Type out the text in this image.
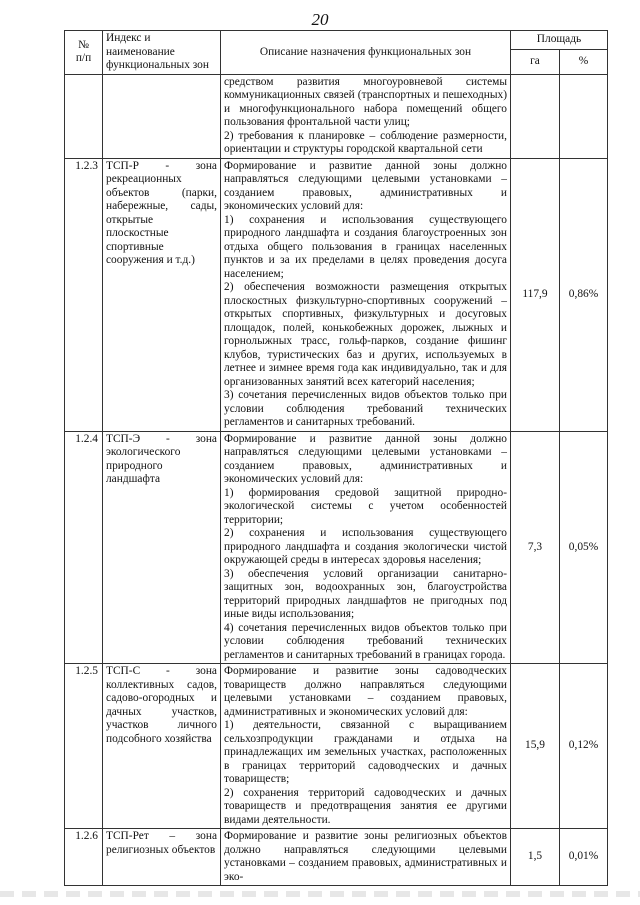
20
№
п/п	Индекс и наименование функциональных зон	Описание назначения функциональных зон	Площадь	
			га	%

		средством развития многоуровневой системы коммуникационных связей (транспортных и пешеходных) и многофункционального набора помещений общего пользования фронтальной части улиц;

2) требования к планировке – соблюдение размерности, ориентации и структуры городской квартальной сети		

1.2.3	ТСП-Р - зона рекреационных объектов (парки, набережные, сады, открытые плоскостные спортивные сооружения и т.д.)	Формирование и развитие данной зоны должно направляться следующими целевыми установками – созданием правовых, административных и экономических условий для:

1) сохранения и использования существующего природного ландшафта и создания благоустроенных зон отдыха общего пользования в границах населенных пунктов и за их пределами в целях проведения досуга населением;

2) обеспечения возможности размещения открытых плоскостных физкультурно-спортивных сооружений – открытых спортивных, физкультурных и досуговых площадок, полей, конькобежных дорожек, лыжных и горнолыжных трасс, гольф-парков, создание фишинг клубов, туристических баз и других, используемых в летнее и зимнее время года как индивидуально, так и для организованных занятий всех категорий населения;

3) сочетания перечисленных видов объектов только при условии соблюдения требований технических регламентов и санитарных требований.	117,9	0,86%
1.2.4	ТСП-Э - зона экологического природного ландшафта	Формирование и развитие данной зоны должно направляться следующими целевыми установками – созданием правовых, административных и экономических условий для:

1) формирования средовой защитной природно-экологической системы с учетом особенностей территории;

2) сохранения и использования существующего природного ландшафта и создания экологически чистой окружающей среды в интересах здоровья населения;

3) обеспечения условий организации санитарно-защитных зон, водоохранных зон, благоустройства территорий природных ландшафтов не пригодных под иные виды использования;

4) сочетания перечисленных видов объектов только при условии соблюдения требований технических регламентов и санитарных требований в границах города.	7,3	0,05%
1.2.5	ТСП-С - зона коллективных садов, садово-огородных и дачных участков, участков личного подсобного хозяйства	Формирование и развитие зоны садоводческих товариществ должно направляться следующими целевыми установками – созданием правовых, административных и экономических условий для:

1) деятельности, связанной с выращиванием сельхозпродукции гражданами и отдыха на принадлежащих им земельных участках, расположенных в границах территорий садоводческих и дачных товариществ;

2) сохранения территорий садоводческих и дачных товариществ и предотвращения занятия ее другими видами деятельности.	15,9	0,12%
1.2.6	ТСП-Рет – зона религиозных объектов	Формирование и развитие зоны религиозных объектов должно направляться следующими целевыми установками – созданием правовых, административных и эко-	1,5	0,01%
